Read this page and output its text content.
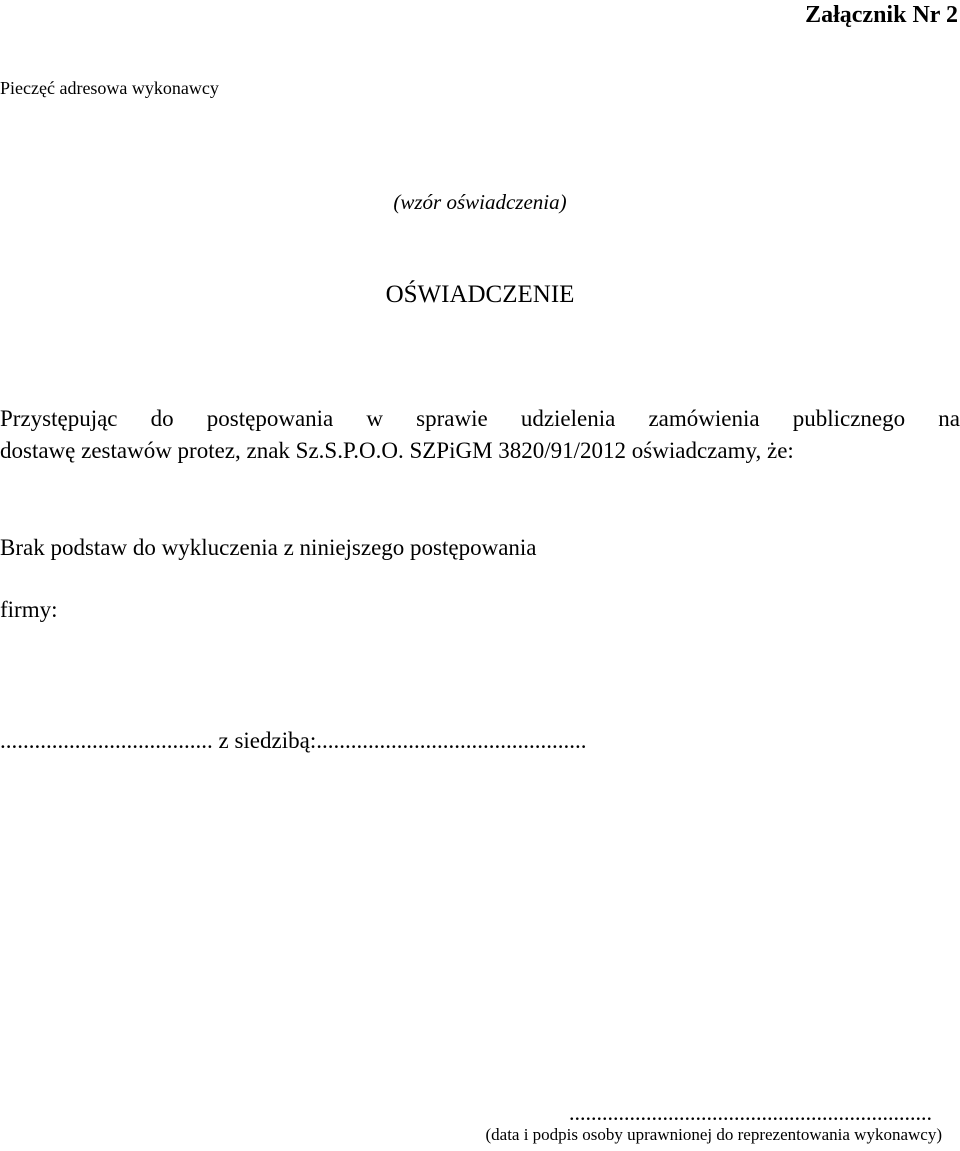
Załącznik Nr 2
Pieczęć adresowa wykonawcy
(wzór oświadczenia)
OŚWIADCZENIE
Przystępując do postępowania w sprawie udzielenia zamówienia publicznego na
dostawę zestawów protez, znak Sz.S.P.O.O. SZPiGM 3820/91/2012 oświadczamy, że:
Brak podstaw do wykluczenia z niniejszego postępowania
firmy:
..................................... z siedzibą:...............................................
..................................................................
(data i podpis osoby uprawnionej do reprezentowania wykonawcy)
